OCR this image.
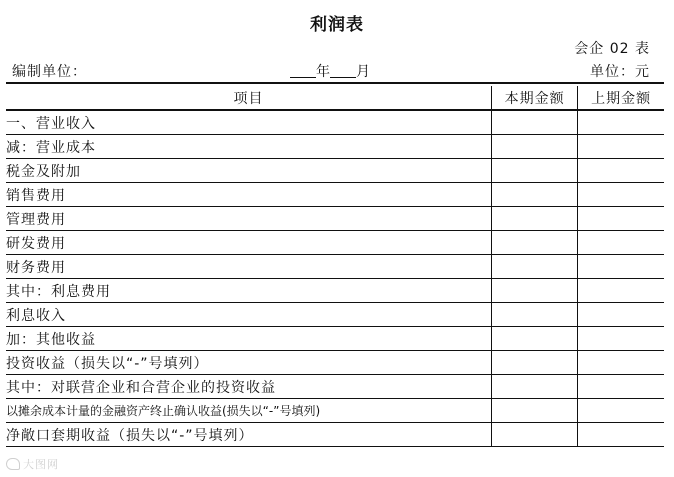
利润表
会企 02 表
编制单位：	年 月	单位：元
项目	本期金额	上期金额
一、营业收入		
减：营业成本		
税金及附加		
销售费用		
管理费用		
研发费用		
财务费用		
其中：利息费用		
利息收入		
加：其他收益		
投资收益（损失以“-”号填列）		
其中：对联营企业和合营企业的投资收益		
以摊余成本计量的金融资产终止确认收益(损失以“-”号填列)		
净敞口套期收益（损失以“-”号填列）		
大图网
